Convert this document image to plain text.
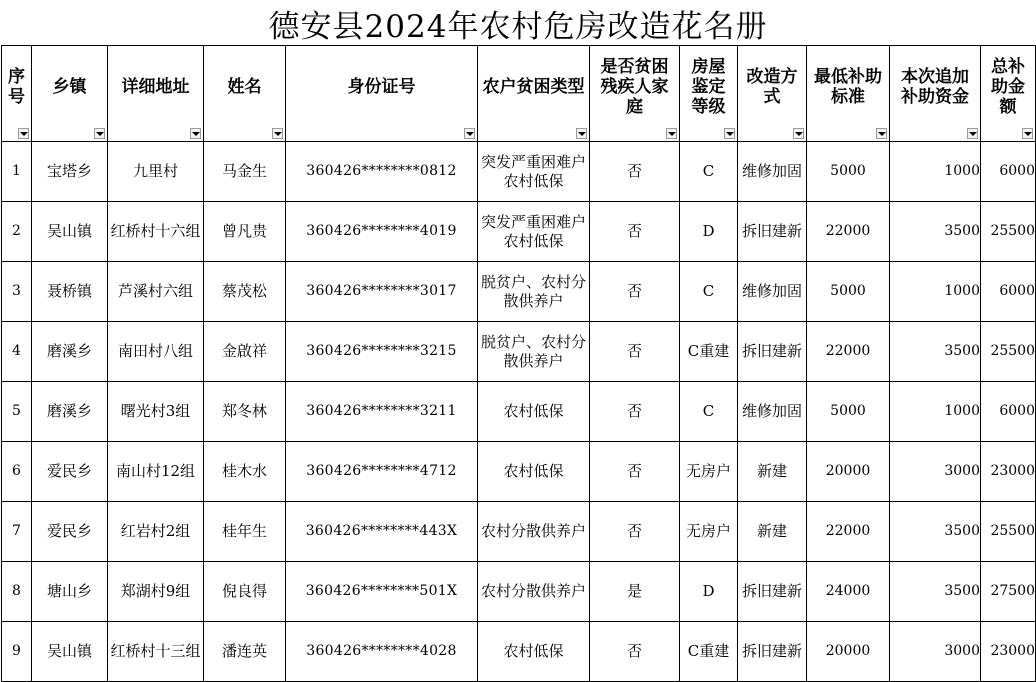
德安县2024年农村危房改造花名册
序号	乡镇	详细地址	姓名	身份证号	农户贫困类型	是否贫困残疾人家庭	房屋鉴定等级	改造方式	最低补助标准	本次追加补助资金	总补助金额

1	宝塔乡	九里村	马金生	360426********0812	突发严重困难户农村低保	否	C	维修加固	5000	1000	6000
2	吴山镇	红桥村十六组	曾凡贵	360426********4019	突发严重困难户农村低保	否	D	拆旧建新	22000	3500	25500
3	聂桥镇	芦溪村六组	蔡茂松	360426********3017	脱贫户、农村分散供养户	否	C	维修加固	5000	1000	6000
4	磨溪乡	南田村八组	金啟祥	360426********3215	脱贫户、农村分散供养户	否	C重建	拆旧建新	22000	3500	25500
5	磨溪乡	曙光村3组	郑冬林	360426********3211	农村低保	否	C	维修加固	5000	1000	6000
6	爱民乡	南山村12组	桂木水	360426********4712	农村低保	否	无房户	新建	20000	3000	23000
7	爱民乡	红岩村2组	桂年生	360426********443X	农村分散供养户	否	无房户	新建	22000	3500	25500
8	塘山乡	郑湖村9组	倪良得	360426********501X	农村分散供养户	是	D	拆旧建新	24000	3500	27500
9	吴山镇	红桥村十三组	潘连英	360426********4028	农村低保	否	C重建	拆旧建新	20000	3000	23000
